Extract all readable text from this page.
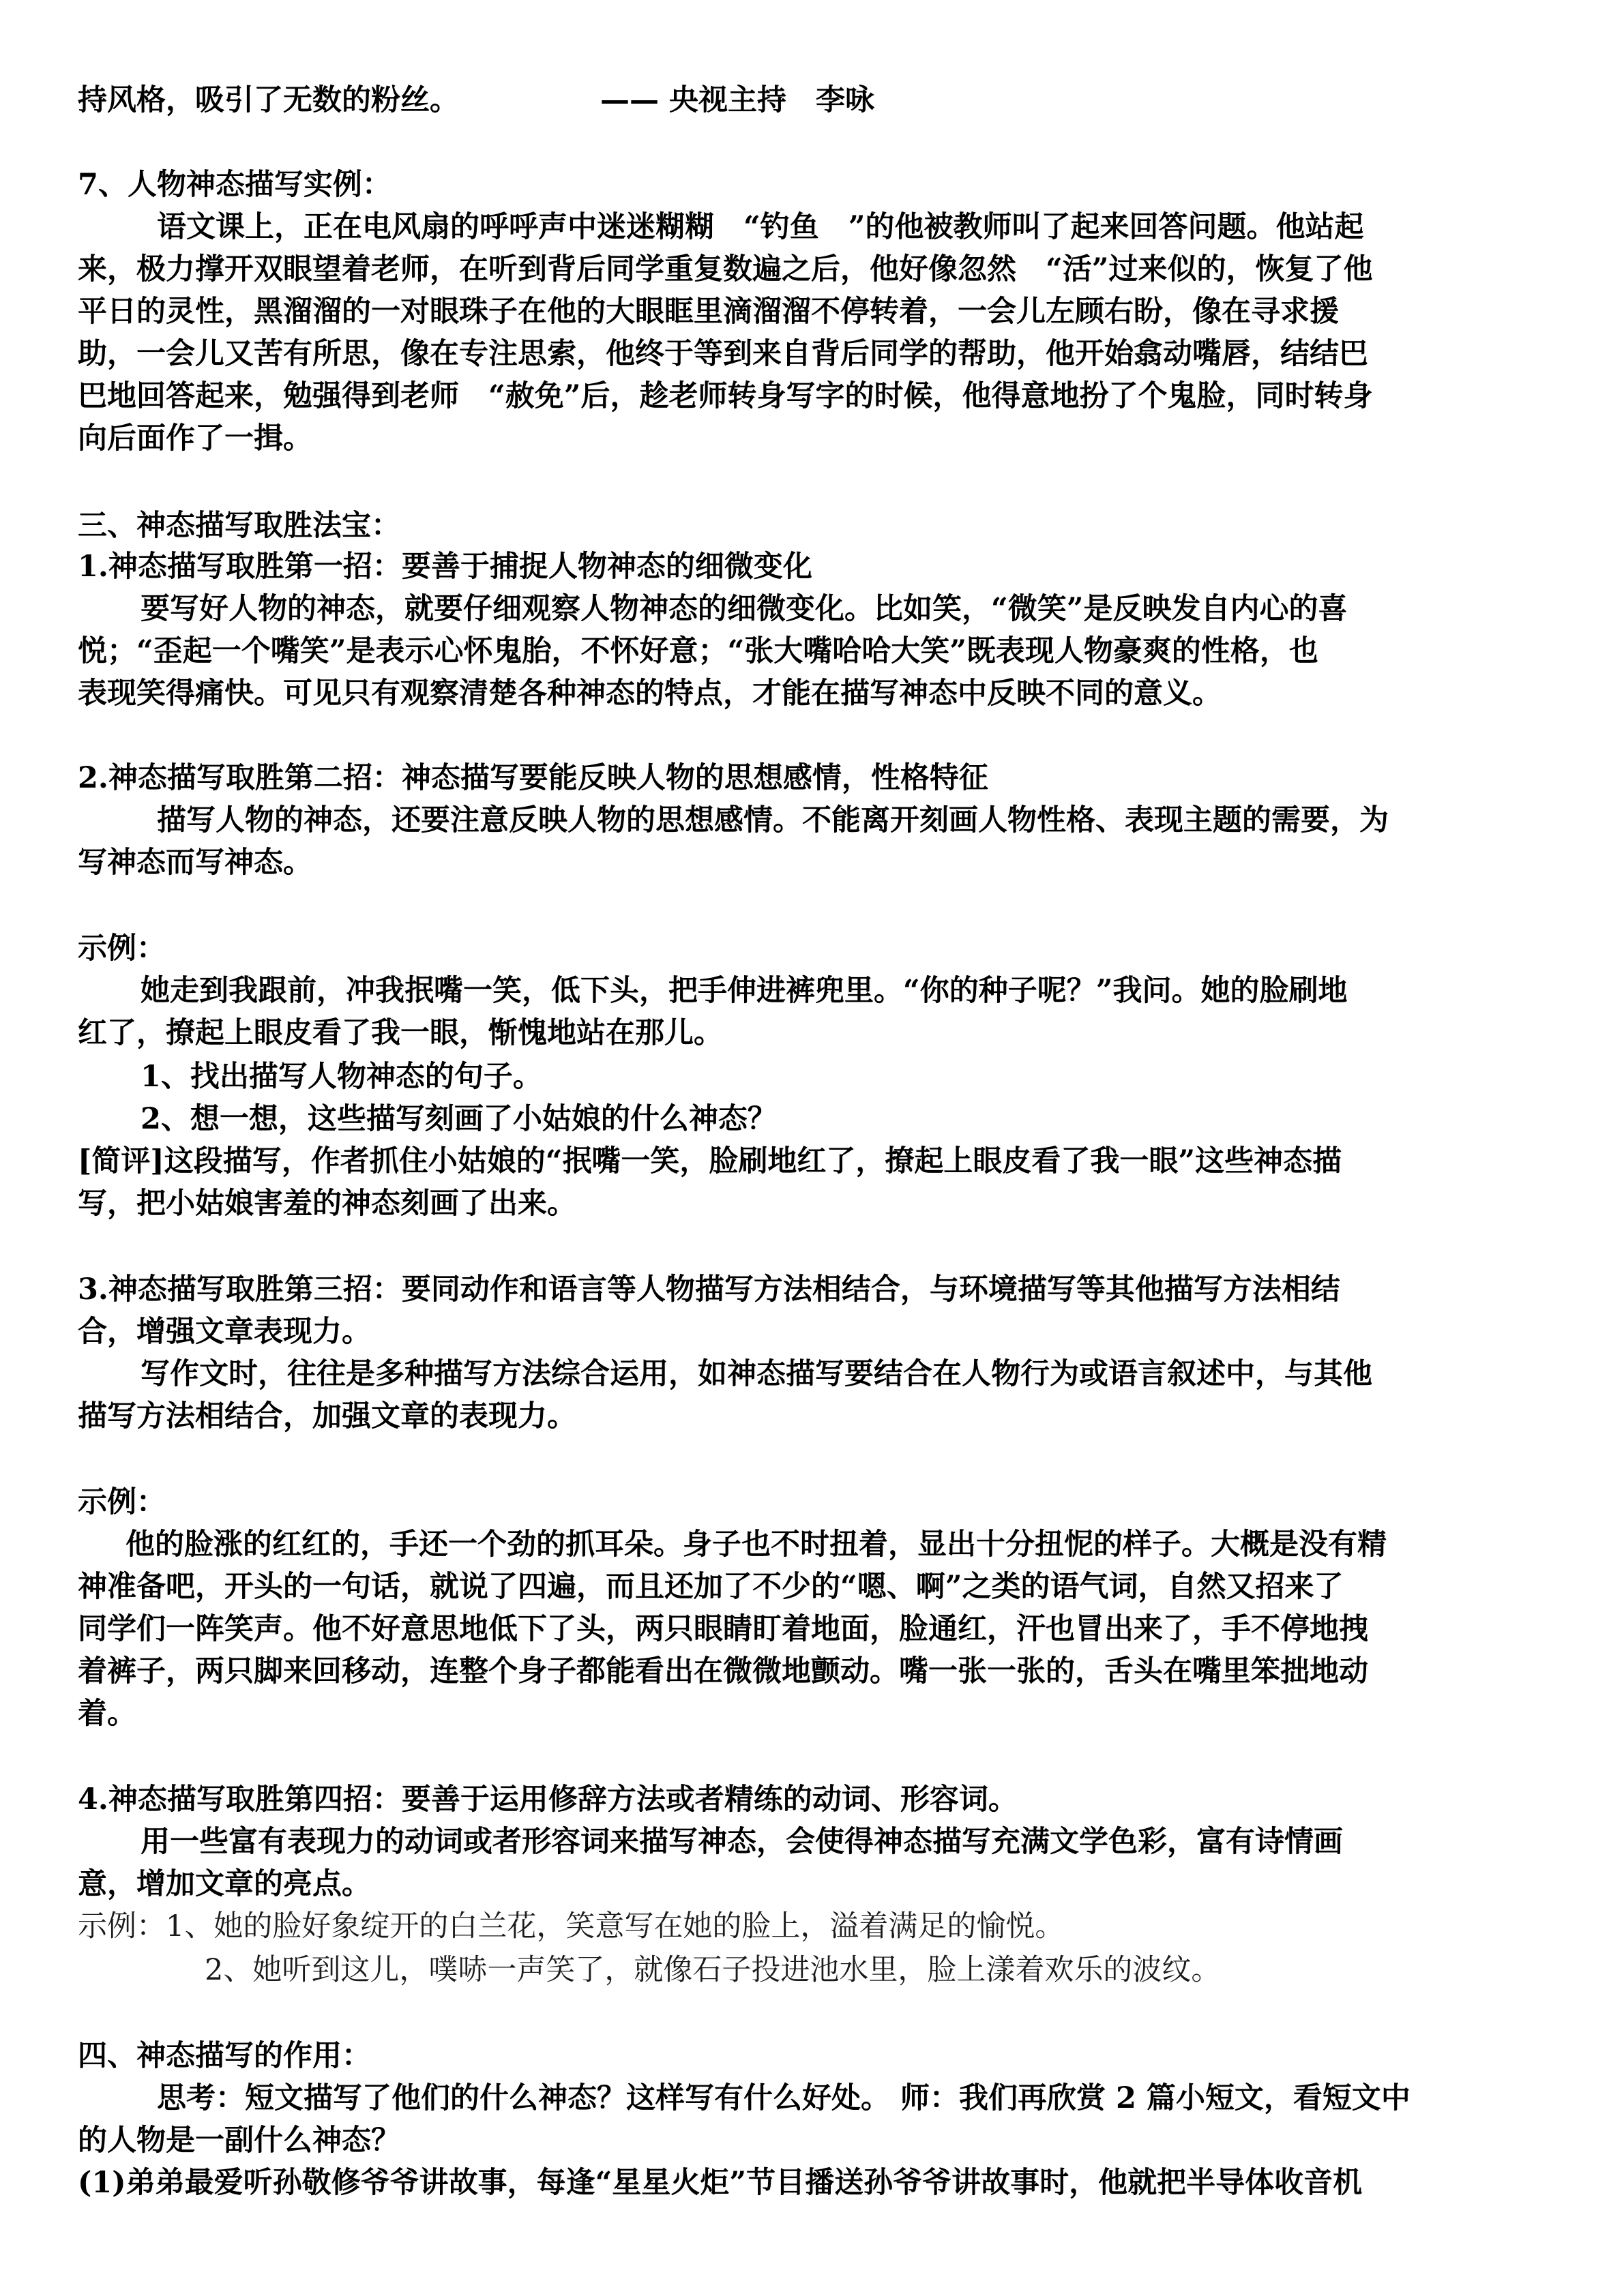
—— 央视主持　李咏
持风格，吸引了无数的粉丝。
7、人物神态描写实例：
语文课上，正在电风扇的呼呼声中迷迷糊糊　“钓鱼　”的他被教师叫了起来回答问题。他站起
来，极力撑开双眼望着老师，在听到背后同学重复数遍之后，他好像忽然　“活”过来似的，恢复了他
平日的灵性，黑溜溜的一对眼珠子在他的大眼眶里滴溜溜不停转着，一会儿左顾右盼，像在寻求援
助，一会儿又苦有所思，像在专注思索，他终于等到来自背后同学的帮助，他开始翕动嘴唇，结结巴
巴地回答起来，勉强得到老师　“赦免”后，趁老师转身写字的时候，他得意地扮了个鬼脸，同时转身
向后面作了一揖。
三、神态描写取胜法宝：
1.神态描写取胜第一招：要善于捕捉人物神态的细微变化
要写好人物的神态，就要仔细观察人物神态的细微变化。比如笑，“微笑”是反映发自内心的喜
悦；“歪起一个嘴笑”是表示心怀鬼胎，不怀好意；“张大嘴哈哈大笑”既表现人物豪爽的性格，也
表现笑得痛快。可见只有观察清楚各种神态的特点，才能在描写神态中反映不同的意义。
2.神态描写取胜第二招：神态描写要能反映人物的思想感情，性格特征
描写人物的神态，还要注意反映人物的思想感情。不能离开刻画人物性格、表现主题的需要，为
写神态而写神态。
示例：
她走到我跟前，冲我抿嘴一笑，低下头，把手伸进裤兜里。“你的种子呢？”我问。她的脸刷地
红了，撩起上眼皮看了我一眼，惭愧地站在那儿。
1、找出描写人物神态的句子。
2、想一想，这些描写刻画了小姑娘的什么神态？
[简评]这段描写，作者抓住小姑娘的“抿嘴一笑，脸刷地红了，撩起上眼皮看了我一眼”这些神态描
写，把小姑娘害羞的神态刻画了出来。
3.神态描写取胜第三招：要同动作和语言等人物描写方法相结合，与环境描写等其他描写方法相结
合，增强文章表现力。
写作文时，往往是多种描写方法综合运用，如神态描写要结合在人物行为或语言叙述中，与其他
描写方法相结合，加强文章的表现力。
示例：
他的脸涨的红红的，手还一个劲的抓耳朵。身子也不时扭着，显出十分扭怩的样子。大概是没有精
神准备吧，开头的一句话，就说了四遍，而且还加了不少的“嗯、啊”之类的语气词，自然又招来了
同学们一阵笑声。他不好意思地低下了头，两只眼睛盯着地面，脸通红，汗也冒出来了，手不停地拽
着裤子，两只脚来回移动，连整个身子都能看出在微微地颤动。嘴一张一张的，舌头在嘴里笨拙地动
着。
4.神态描写取胜第四招：要善于运用修辞方法或者精练的动词、形容词。
用一些富有表现力的动词或者形容词来描写神态，会使得神态描写充满文学色彩，富有诗情画
意，增加文章的亮点。
示例：1、她的脸好象绽开的白兰花，笑意写在她的脸上，溢着满足的愉悦。
2、她听到这儿，噗哧一声笑了，就像石子投进池水里，脸上漾着欢乐的波纹。
四、神态描写的作用：
思考：短文描写了他们的什么神态？这样写有什么好处。 师：我们再欣赏 2 篇小短文，看短文中
的人物是一副什么神态？
(1)弟弟最爱听孙敬修爷爷讲故事，每逢“星星火炬”节目播送孙爷爷讲故事时，他就把半导体收音机
